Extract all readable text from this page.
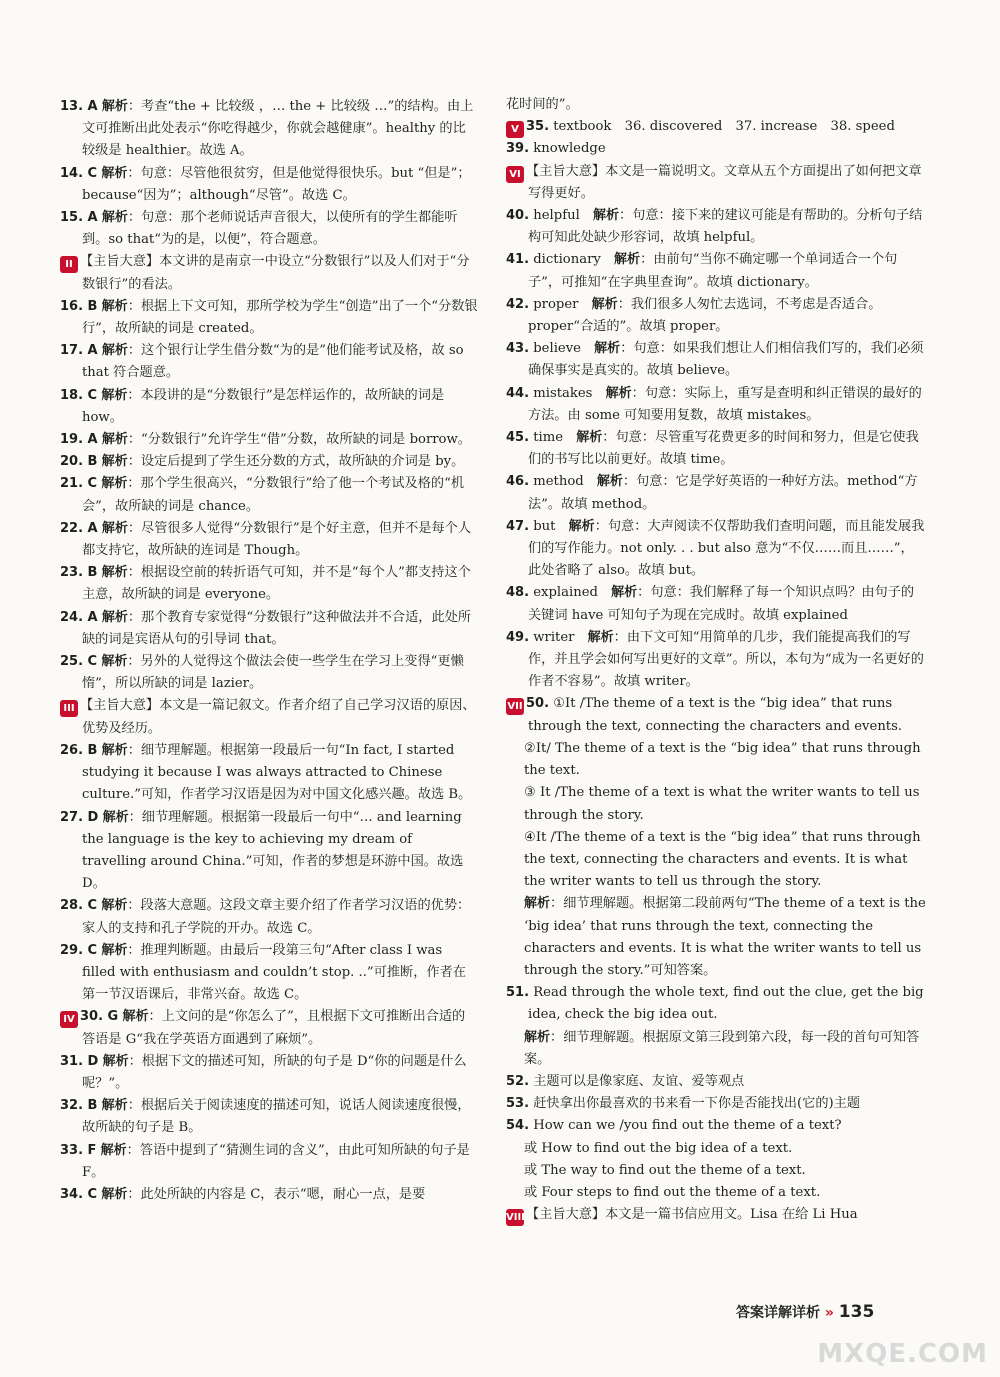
13. A 解析：考查“the + 比较级 ，… the + 比较级 …”的结构。由上文可推断出此处表示“你吃得越少，你就会越健康”。healthy 的比较级是 healthier。故选 A。

14. C 解析：句意：尽管他很贫穷，但是他觉得很快乐。but “但是”；because“因为”；although“尽管”。故选 C。

15. A 解析：句意：那个老师说话声音很大，以使所有的学生都能听到。so that“为的是，以便”，符合题意。

II 【主旨大意】本文讲的是南京一中设立“分数银行”以及人们对于“分数银行”的看法。

16. B 解析：根据上下文可知，那所学校为学生“创造”出了一个“分数银行”，故所缺的词是 created。

17. A 解析：这个银行让学生借分数“为的是”他们能考试及格，故 so that 符合题意。

18. C 解析：本段讲的是“分数银行”是怎样运作的，故所缺的词是 how。

19. A 解析：“分数银行”允许学生“借”分数，故所缺的词是 borrow。

20. B 解析：设定后提到了学生还分数的方式，故所缺的介词是 by。

21. C 解析：那个学生很高兴，“分数银行”给了他一个考试及格的“机会”，故所缺的词是 chance。

22. A 解析：尽管很多人觉得“分数银行”是个好主意，但并不是每个人都支持它，故所缺的连词是 Though。

23. B 解析：根据设空前的转折语气可知，并不是“每个人”都支持这个主意，故所缺的词是 everyone。

24. A 解析：那个教育专家觉得“分数银行”这种做法并不合适，此处所缺的词是宾语从句的引导词 that。

25. C 解析：另外的人觉得这个做法会使一些学生在学习上变得“更懒惰”，所以所缺的词是 lazier。

III 【主旨大意】本文是一篇记叙文。作者介绍了自己学习汉语的原因、优势及经历。

26. B 解析：细节理解题。根据第一段最后一句“In fact, I started studying it because I was always attracted to Chinese culture.”可知，作者学习汉语是因为对中国文化感兴趣。故选 B。

27. D 解析：细节理解题。根据第一段最后一句中“… and learning the language is the key to achieving my dream of travelling around China.”可知，作者的梦想是环游中国。故选 D。

28. C 解析：段落大意题。这段文章主要介绍了作者学习汉语的优势：家人的支持和孔子学院的开办。故选 C。

29. C 解析：推理判断题。由最后一段第三句“After class I was filled with enthusiasm and couldn’t stop. ..”可推断，作者在第一节汉语课后，非常兴奋。故选 C。

IV 30. G 解析：上文问的是“你怎么了”，且根据下文可推断出合适的答语是 G“我在学英语方面遇到了麻烦”。

31. D 解析：根据下文的描述可知，所缺的句子是 D“你的问题是什么呢？”。

32. B 解析：根据后关于阅读速度的描述可知，说话人阅读速度很慢，故所缺的句子是 B。

33. F 解析：答语中提到了“猜测生词的含义”，由此可知所缺的句子是 F。

34. C 解析：此处所缺的内容是 C，表示“嗯，耐心一点，是要

花时间的”。

V 35. textbook　36. discovered　37. increase　38. speed

39. knowledge

VI 【主旨大意】本文是一篇说明文。文章从五个方面提出了如何把文章写得更好。

40. helpful　 解析：句意：接下来的建议可能是有帮助的。分析句子结构可知此处缺少形容词，故填 helpful。

41. dictionary　 解析：由前句“当你不确定哪一个单词适合一个句子”，可推知“在字典里查询”。故填 dictionary。

42. proper　 解析：我们很多人匆忙去选词，不考虑是否适合。proper“合适的”。故填 proper。

43. believe　 解析：句意：如果我们想让人们相信我们写的，我们必须确保事实是真实的。故填 believe。

44. mistakes　 解析：句意：实际上，重写是查明和纠正错误的最好的方法。由 some 可知要用复数，故填 mistakes。

45. time　 解析：句意：尽管重写花费更多的时间和努力，但是它使我们的书写比以前更好。故填 time。

46. method　 解析：句意：它是学好英语的一种好方法。method“方法”。故填 method。

47. but　 解析：句意：大声阅读不仅帮助我们查明问题，而且能发展我们的写作能力。not only. . . but also 意为“不仅……而且……”，此处省略了 also。故填 but。

48. explained　 解析：句意：我们解释了每一个知识点吗？由句子的关键词 have 可知句子为现在完成时。故填 explained

49. writer　 解析：由下文可知“用简单的几步，我们能提高我们的写作，并且学会如何写出更好的文章”。所以，本句为“成为一名更好的作者不容易”。故填 writer。

VII 50. ①It /The theme of a text is the “big idea” that runs through the text, connecting the characters and events.

②It/ The theme of a text is the “big idea” that runs through the text.

③ It /The theme of a text is what the writer wants to tell us through the story.

④It /The theme of a text is the “big idea” that runs through the text, connecting the characters and events. It is what the writer wants to tell us through the story.

解析：细节理解题。根据第二段前两句“The theme of a text is the ‘big idea’ that runs through the text, connecting the characters and events. It is what the writer wants to tell us through the story.”可知答案。

51. Read through the whole text, find out the clue, get the big idea, check the big idea out.

解析：细节理解题。根据原文第三段到第六段，每一段的首句可知答案。

52. 主题可以是像家庭、友谊、爱等观点

53. 赶快拿出你最喜欢的书来看一下你是否能找出(它的)主题

54. How can we /you find out the theme of a text?

或 How to find out the big idea of a text.

或 The way to find out the theme of a text.

或 Four steps to find out the theme of a text.

VIII【主旨大意】本文是一篇书信应用文。Lisa 在给 Li Hua

答案详解详析 » 135
MXQE.COM
